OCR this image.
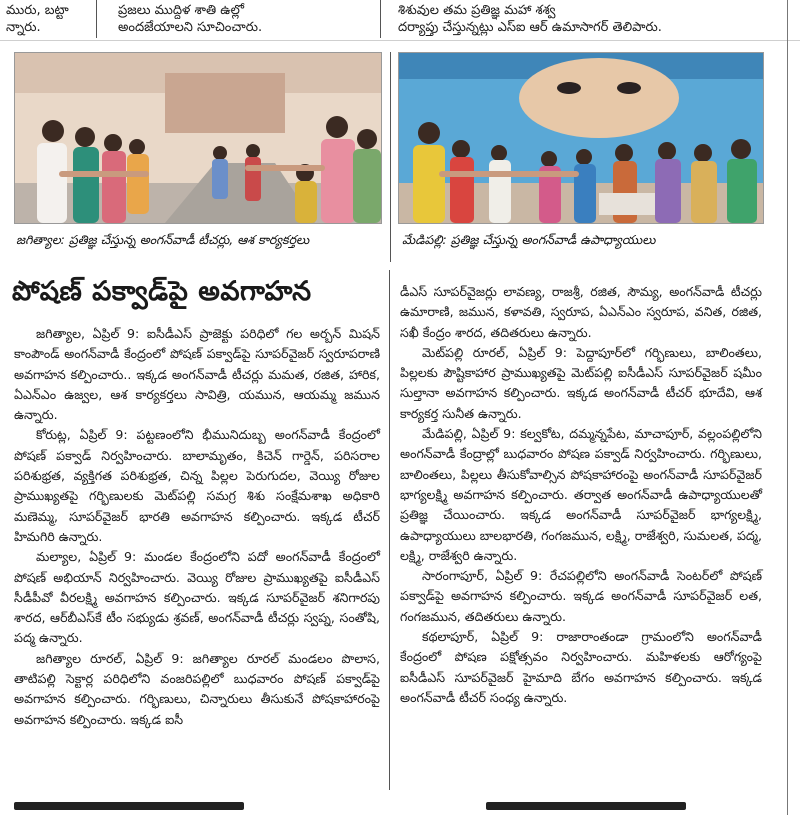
మురు, బట్టా
న్నారు.
ప్రజలు ముద్దిళ శాతి ఉల్లో
అందజేయాలని సూచించారు.
శిశువుల తమ ప్రతిజ్ఞ మహా శశ్వ
దర్యాప్తు చేస్తున్నట్లు ఎస్‌ఐ ఆర్ ఉమాసాగర్ తెలిపారు.
జగిత్యాల: ప్రతిజ్ఞ చేస్తున్న అంగన్‌వాడీ టీచర్లు, ఆశ కార్యకర్తలు	మేడిపల్లి: ప్రతిజ్ఞ చేస్తున్న అంగన్‌వాడీ ఉపాధ్యాయులు
పోషణ్ పక్వాడ్‌పై అవగాహన

జగిత్యాల, ఏప్రిల్ 9: ఐసీడీఎస్ ప్రాజెక్టు పరిధిలో గల అర్బన్ మిషన్ కాంపౌండ్ అంగన్‌వాడీ కేంద్రంలో పోషణ్ పక్వాడ్‌పై సూపర్‌వైజర్ స్వరూపరాణి అవగాహన కల్పించారు.. ఇక్కడ అంగన్‌వాడీ టీచర్లు మమత, రజిత, హారిక, ఏఎన్ఎం ఉజ్వల, ఆశ కార్యకర్తలు సావిత్రి, యమున, ఆయమ్మ జమున ఉన్నారు.

కోరుట్ల, ఏప్రిల్ 9: పట్టణంలోని భీమునిదుబ్బ అంగన్‌వాడీ కేంద్రంలో పోషణ్ పక్వాడ్ నిర్వహించారు. బాలామృతం, కిచెన్ గార్డెన్, పరిసరాల పరిశుభ్రత, వ్యక్తిగత పరిశుభ్రత, చిన్న పిల్లల పెరుగుదల, వెయ్యి రోజుల ప్రాముఖ్యతపై గర్భిణులకు మెట్‌పల్లి సమగ్ర శిశు సంక్షేమశాఖ అధికారి మణెమ్మ, సూపర్‌వైజర్ భారతి అవగాహన కల్పించారు. ఇక్కడ టీచర్ హిమగిరి ఉన్నారు.

మల్యాల, ఏప్రిల్ 9: మండల కేంద్రంలోని పదో అంగన్‌వాడీ కేంద్రంలో పోషణ్ అభియాన్ నిర్వహించారు. వెయ్యి రోజుల ప్రాముఖ్యతపై ఐసీడీఎస్ సీడీపీవో వీరలక్ష్మి అవగాహన కల్పించారు. ఇక్కడ సూపర్‌వైజర్ శనిగారపు శారద, ఆర్‌బీఎస్‌కే టీం సభ్యుడు శ్రవణ్, అంగన్‌వాడీ టీచర్లు స్వప్న, సంతోషి, పద్మ ఉన్నారు.

జగిత్యాల రూరల్, ఏప్రిల్ 9: జగిత్యాల రూరల్ మండలం పొలాస, తాటిపల్లి సెక్టార్ల పరిధిలోని వంజరిపల్లిలో బుధవారం పోషణ్ పక్వాడ్‌పై అవగాహన కల్పించారు. గర్భిణులు, చిన్నారులు తీసుకునే పోషకాహారంపై అవగాహన కల్పించారు. ఇక్కడ ఐసీ

డీఎస్ సూపర్‌వైజర్లు లావణ్య, రాజశ్రీ, రజిత, సౌమ్య, అంగన్‌వాడీ టీచర్లు ఉమారాణి, జమున, కళావతి, స్వరూప, ఏఎన్ఎం స్వరూప, వనిత, రజిత, సఖీ కేంద్రం శారద, తదితరులు ఉన్నారు.

మెట్‌పల్లి రూరల్, ఏప్రిల్ 9: పెద్దాపూర్‌లో గర్భిణులు, బాలింతలు, పిల్లలకు పౌష్టికాహార ప్రాముఖ్యతపై మెట్‌పల్లి ఐసీడీఎస్ సూపర్‌వైజర్ షమీం సుల్తానా అవగాహన కల్పించారు. ఇక్కడ అంగన్‌వాడీ టీచర్ భూదేవి, ఆశ కార్యకర్త సునీత ఉన్నారు.

మేడిపల్లి, ఏప్రిల్ 9: కల్వకోట, దమ్మన్నపేట, మాచాపూర్, వల్లంపల్లిలోని అంగన్‌వాడీ కేంద్రాల్లో బుధవారం పోషణ పక్వాడ్ నిర్వహించారు. గర్భిణులు, బాలింతలు, పిల్లలు తీసుకోవాల్సిన పోషకాహారంపై అంగన్‌వాడీ సూపర్‌వైజర్ భాగ్యలక్ష్మి అవగాహన కల్పించారు. తర్వాత అంగన్‌వాడీ ఉపాధ్యాయులతో ప్రతిజ్ఞ చేయించారు. ఇక్కడ అంగన్‌వాడీ సూపర్‌వైజర్ భాగ్యలక్ష్మి, ఉపాధ్యాయులు బాలభారతి, గంగజమున, లక్ష్మి, రాజేశ్వరి, సుమలత, పద్మ, లక్ష్మి, రాజేశ్వరి ఉన్నారు.

సారంగాపూర్, ఏప్రిల్ 9: రేచపల్లిలోని అంగన్‌వాడీ సెంటర్‌లో పోషణ్ పక్వాడ్‌పై అవగాహన కల్పించారు. ఇక్కడ అంగన్‌వాడీ సూపర్‌వైజర్ లత, గంగజమున, తదితరులు ఉన్నారు.

కథలాపూర్, ఏప్రిల్ 9: రాజారాంతండా గ్రామంలోని అంగన్‌వాడీ కేంద్రంలో పోషణ పక్షోత్సవం నిర్వహించారు. మహిళలకు ఆరోగ్యంపై ఐసీడీఎస్ సూపర్‌వైజర్ హైమాది బేగం అవగాహన కల్పించారు. ఇక్కడ అంగన్‌వాడీ టీచర్ సంధ్య ఉన్నారు.
